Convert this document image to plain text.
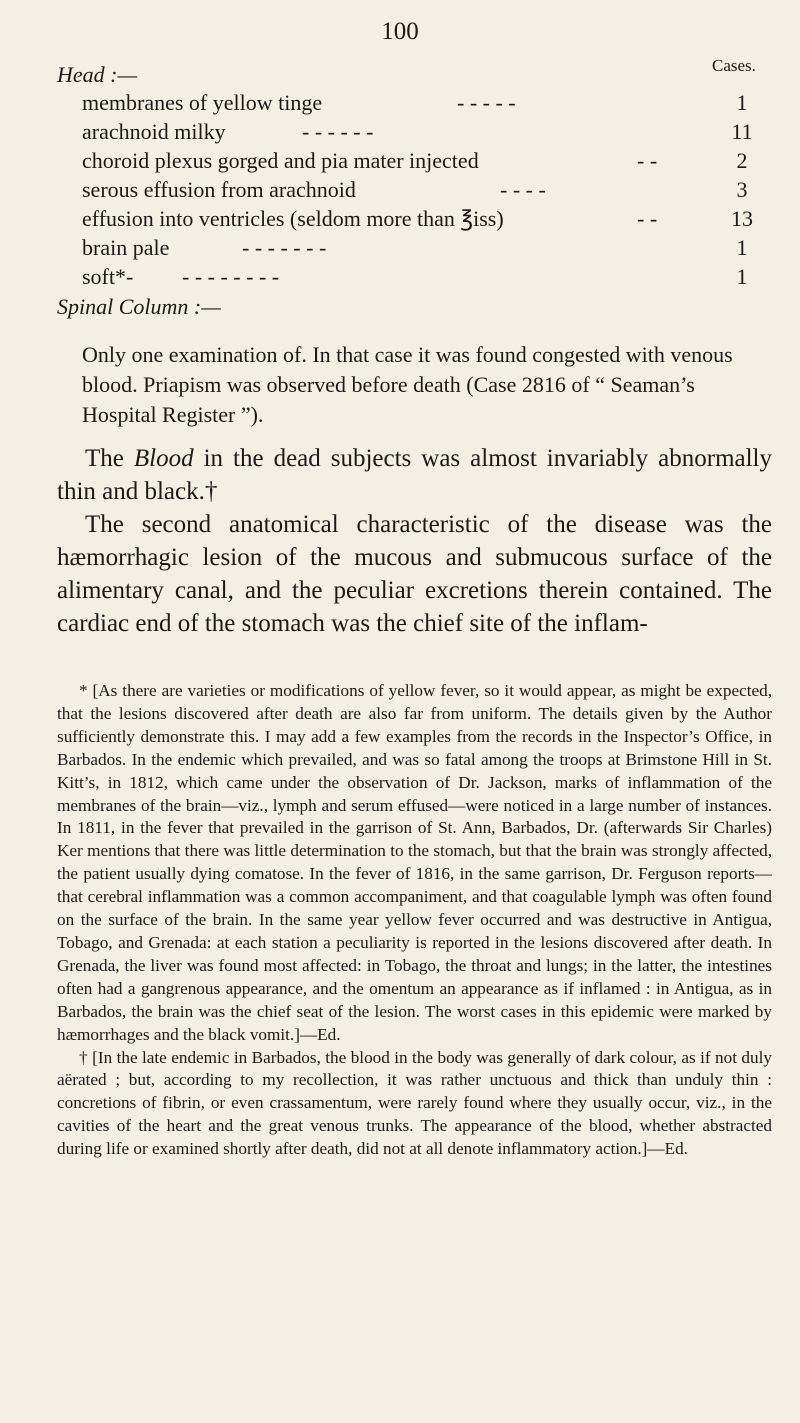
100
Cases.
Head :—
membranes of yellow tinge	- - - - -	1
arachnoid milky	- - - - - -	11
choroid plexus gorged and pia mater injected	- -	2
serous effusion from arachnoid	- - - -	3
effusion into ventricles (seldom more than ℥iss)	- -	13
brain pale	- - - - - - -	1
soft*- - - - - - - - -	1
Spinal Column :—
Only one examination of. In that case it was found congested with venous blood. Priapism was observed before death (Case 2816 of “ Seaman’s Hospital Register ”).
The Blood in the dead subjects was almost invariably abnormally thin and black.†
The second anatomical characteristic of the disease was the hæmorrhagic lesion of the mucous and submucous surface of the alimentary canal, and the peculiar excretions therein contained. The cardiac end of the stomach was the chief site of the inflam-

* [As there are varieties or modifications of yellow fever, so it would appear, as might be expected, that the lesions discovered after death are also far from uniform. The details given by the Author sufficiently demonstrate this. I may add a few examples from the records in the Inspector’s Office, in Barbados. In the endemic which prevailed, and was so fatal among the troops at Brimstone Hill in St. Kitt’s, in 1812, which came under the observation of Dr. Jackson, marks of inflammation of the membranes of the brain—viz., lymph and serum effused—were noticed in a large number of instances. In 1811, in the fever that prevailed in the garrison of St. Ann, Barbados, Dr. (afterwards Sir Charles) Ker mentions that there was little determination to the stomach, but that the brain was strongly affected, the patient usually dying comatose. In the fever of 1816, in the same garrison, Dr. Ferguson reports—that cerebral inflammation was a common accompaniment, and that coagulable lymph was often found on the surface of the brain. In the same year yellow fever occurred and was destructive in Antigua, Tobago, and Grenada: at each station a peculiarity is reported in the lesions discovered after death. In Grenada, the liver was found most affected: in Tobago, the throat and lungs; in the latter, the intestines often had a gangrenous appearance, and the omentum an appearance as if inflamed : in Antigua, as in Barbados, the brain was the chief seat of the lesion. The worst cases in this epidemic were marked by hæmorrhages and the black vomit.]—Ed.

† [In the late endemic in Barbados, the blood in the body was generally of dark colour, as if not duly aërated ; but, according to my recollection, it was rather unctuous and thick than unduly thin : concretions of fibrin, or even crassamentum, were rarely found where they usually occur, viz., in the cavities of the heart and the great venous trunks. The appearance of the blood, whether abstracted during life or examined shortly after death, did not at all denote inflammatory action.]—Ed.
